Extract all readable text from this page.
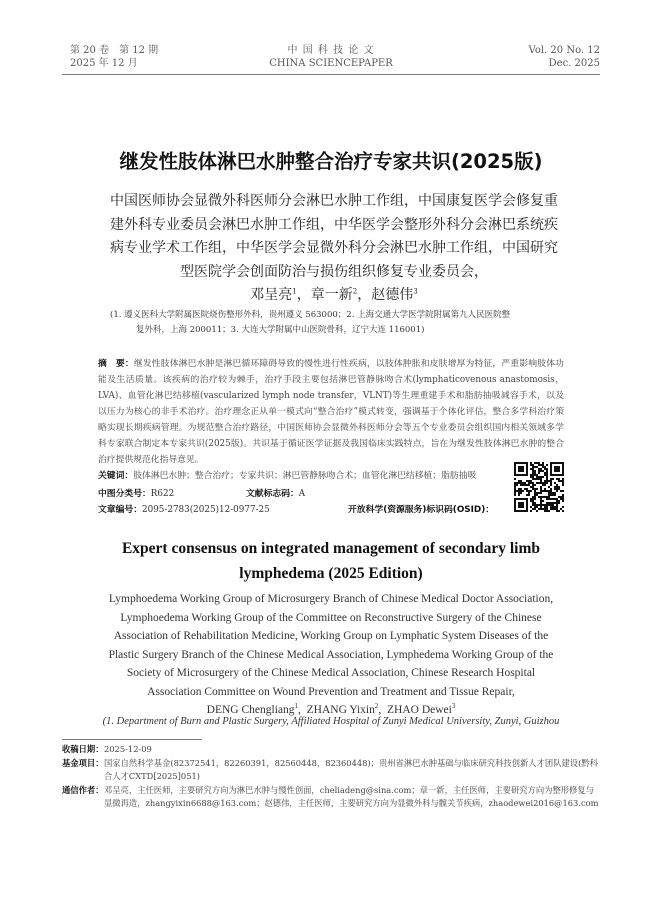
第 20 卷　第 12 期
2025 年 12 月
中 国 科 技 论 文
CHINA SCIENCEPAPER
Vol. 20 No. 12
Dec. 2025
继发性肢体淋巴水肿整合治疗专家共识(2025版)
中国医师协会显微外科医师分会淋巴水肿工作组，中国康复医学会修复重建外科专业委员会淋巴水肿工作组，中华医学会整形外科分会淋巴系统疾病专业学术工作组，中华医学会显微外科分会淋巴水肿工作组，中国研究型医院学会创面防治与损伤组织修复专业委员会，
邓呈亮$^1$，章一新$^2$，赵德伟$^3$
(1. 遵义医科大学附属医院烧伤整形外科，贵州遵义 563000；2. 上海交通大学医学院附属第九人民医院整
复外科，上海 200011；3. 大连大学附属中山医院骨科，辽宁大连 116001)
摘　要：继发性肢体淋巴水肿是淋巴循环障碍导致的慢性进行性疾病，以肢体肿胀和皮肤增厚为特征，严重影响肢体功能及生活质量。该疾病的治疗较为棘手，治疗手段主要包括淋巴管静脉吻合术(lymphaticovenous anastomosis，LVA)、血管化淋巴结移植(vascularized lymph node transfer，VLNT)等生理重建手术和脂肪抽吸减容手术，以及以压力为核心的非手术治疗。治疗理念正从单一模式向“整合治疗”模式转变，强调基于个体化评估，整合多学科治疗策略实现长期疾病管理。为规范整合治疗路径，中国医师协会显微外科医师分会等五个专业委员会组织国内相关领域多学科专家联合制定本专家共识(2025版)。共识基于循证医学证据及我国临床实践特点，旨在为继发性肢体淋巴水肿的整合治疗提供规范化指导意见。
关键词：肢体淋巴水肿；整合治疗；专家共识；淋巴管静脉吻合术；血管化淋巴结移植；脂肪抽吸
中图分类号：R622	文献标志码：A
文章编号：2095-2783(2025)12-0977-25	开放科学(资源服务)标识码(OSID)：
Expert consensus on integrated management of secondary limb lymphedema (2025 Edition)
Lymphoedema Working Group of Microsurgery Branch of Chinese Medical Doctor Association, Lymphoedema Working Group of the Committee on Reconstructive Surgery of the Chinese Association of Rehabilitation Medicine, Working Group on Lymphatic System Diseases of the Plastic Surgery Branch of the Chinese Medical Association, Lymphedema Working Group of the Society of Microsurgery of the Chinese Medical Association, Chinese Research Hospital Association Committee on Wound Prevention and Treatment and Tissue Repair,
DENG Chengliang$^1$,  ZHANG Yixin$^2$,  ZHAO Dewei$^3$
(1. Department of Burn and Plastic Surgery, Affiliated Hospital of Zunyi Medical University, Zunyi, Guizhou
收稿日期： 2025-12-09
基金项目： 国家自然科学基金(82372541，82260391，82560448，82360448)；贵州省淋巴水肿基础与临床研究科技创新人才团队建设(黔科合人才CXTD[2025]051)
通信作者： 邓呈亮，主任医师，主要研究方向为淋巴水肿与慢性创面，cheliadeng@sina.com；章一新，主任医师，主要研究方向为整形修复与显微再造，zhangyixin6688@163.com；赵德伟，主任医师，主要研究方向为显微外科与髋关节疾病，zhaodewei2016@163.com
